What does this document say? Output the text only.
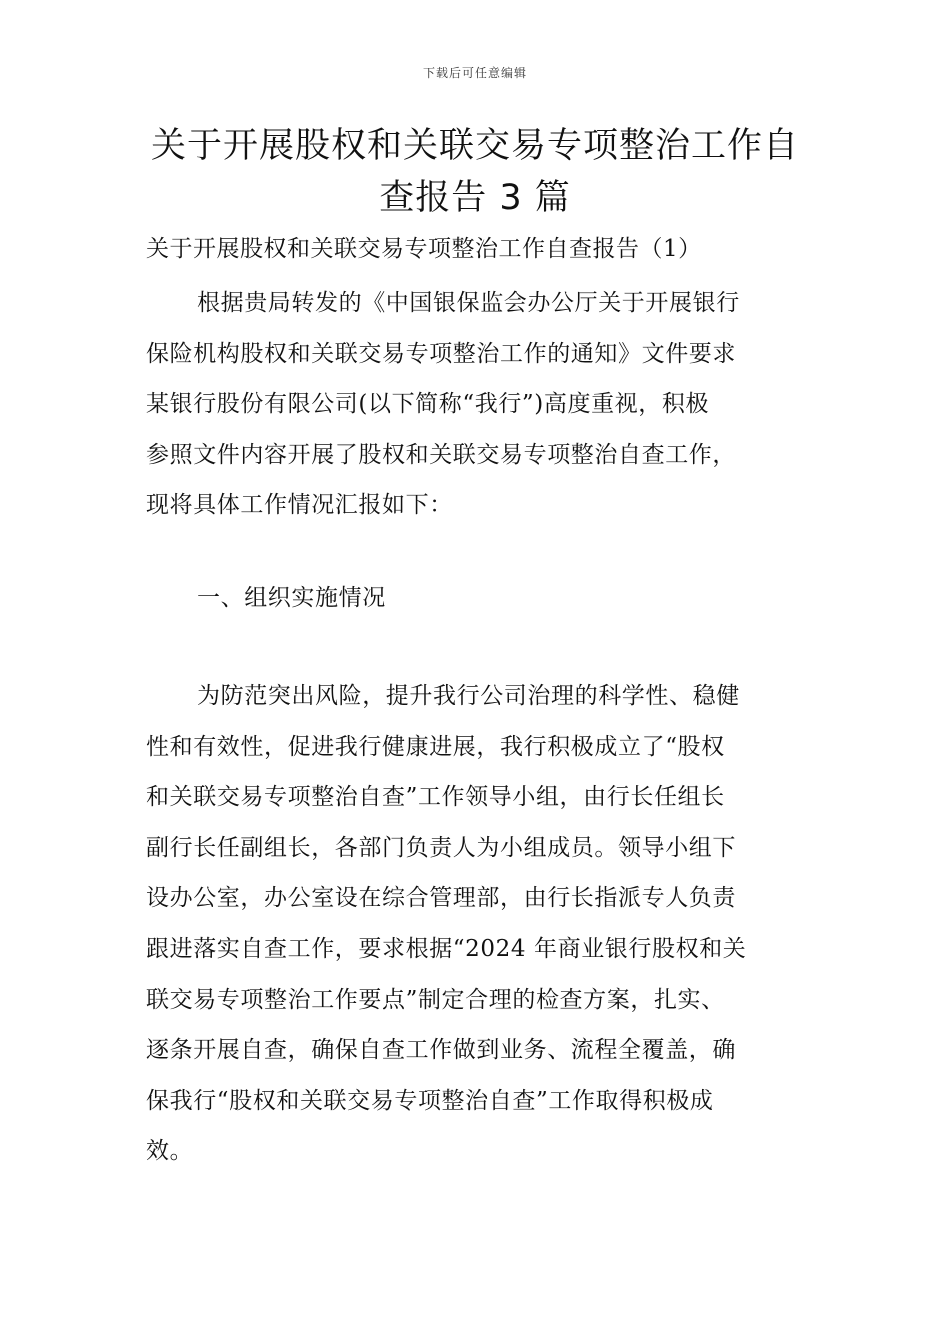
下载后可任意编辑
关于开展股权和关联交易专项整治工作自
查报告 3 篇
关于开展股权和关联交易专项整治工作自查报告（1）
根据贵局转发的《中国银保监会办公厅关于开展银行
保险机构股权和关联交易专项整治工作的通知》文件要求
某银行股份有限公司(以下简称“我行”)高度重视，积极
参照文件内容开展了股权和关联交易专项整治自查工作，
现将具体工作情况汇报如下：
一、组织实施情况
为防范突出风险，提升我行公司治理的科学性、稳健
性和有效性，促进我行健康进展，我行积极成立了“股权
和关联交易专项整治自查”工作领导小组，由行长任组长
副行长任副组长，各部门负责人为小组成员。领导小组下
设办公室，办公室设在综合管理部，由行长指派专人负责
跟进落实自查工作，要求根据“2024 年商业银行股权和关
联交易专项整治工作要点”制定合理的检查方案，扎实、
逐条开展自查，确保自查工作做到业务、流程全覆盖，确
保我行“股权和关联交易专项整治自查”工作取得积极成
效。
